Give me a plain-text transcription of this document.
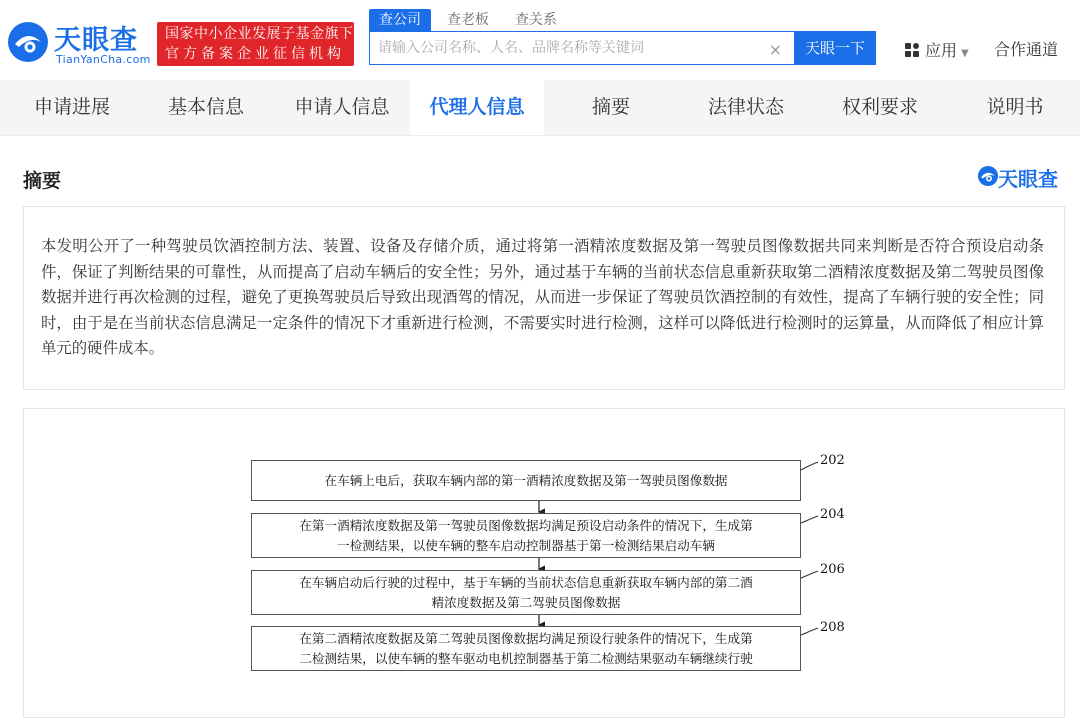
天眼查
TianYanCha.com
国家中小企业发展子基金旗下
官方备案企业征信机构
查公司	查老板	查关系
请输入公司名称、人名、品牌名称等关键词
×	天眼一下	应用 ▼ 合作通道
申请进展	基本信息	申请人信息	代理人信息	摘要	法律状态	权利要求	说明书
摘要	天眼查

本发明公开了一种驾驶员饮酒控制方法、装置、设备及存储介质，通过将第一酒精浓度数据及第一驾驶员图像数据共同来判断是否符合预设启动条件，保证了判断结果的可靠性，从而提高了启动车辆后的安全性；另外，通过基于车辆的当前状态信息重新获取第二酒精浓度数据及第二驾驶员图像数据并进行再次检测的过程，避免了更换驾驶员后导致出现酒驾的情况，从而进一步保证了驾驶员饮酒控制的有效性，提高了车辆行驶的安全性；同时，由于是在当前状态信息满足一定条件的情况下才重新进行检测，不需要实时进行检测，这样可以降低进行检测时的运算量，从而降低了相应计算单元的硬件成本。

在车辆上电后，获取车辆内部的第一酒精浓度数据及第一驾驶员图像数据
202
在第一酒精浓度数据及第一驾驶员图像数据均满足预设启动条件的情况下，生成第
一检测结果，以使车辆的整车启动控制器基于第一检测结果启动车辆
204
在车辆启动后行驶的过程中，基于车辆的当前状态信息重新获取车辆内部的第二酒
精浓度数据及第二驾驶员图像数据
206
在第二酒精浓度数据及第二驾驶员图像数据均满足预设行驶条件的情况下，生成第
二检测结果，以使车辆的整车驱动电机控制器基于第二检测结果驱动车辆继续行驶
208
